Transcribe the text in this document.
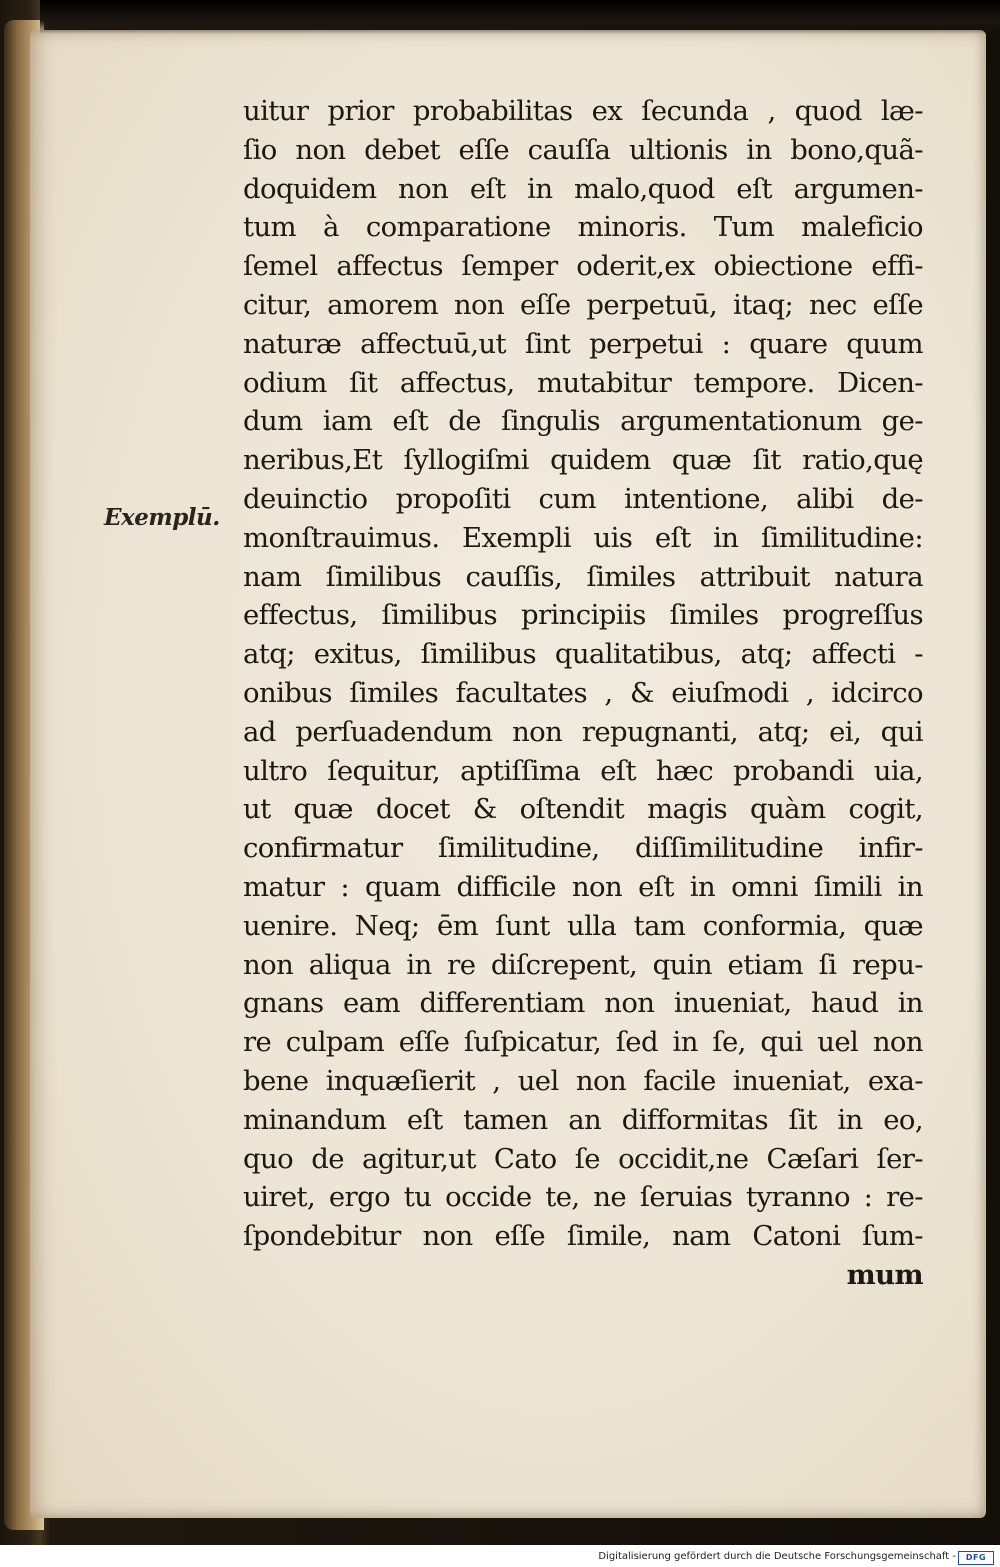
Exemplū.
uitur prior probabilitas ex ſecunda , quod læ-
ſio non debet eſſe cauſſa ultionis in bono,quã-
doquidem non eſt in malo,quod eſt argumen-
tum à comparatione minoris. Tum maleficio
ſemel affectus ſemper oderit,ex obiectione effi-
citur, amorem non eſſe perpetuū, itaq; nec eſſe
naturæ affectuū,ut ſint perpetui : quare quum
odium ſit affectus, mutabitur tempore. Dicen-
dum iam eſt de ſingulis argumentationum ge-
neribus,Et ſyllogiſmi quidem quæ ſit ratio,quę
deuinctio propoſiti cum intentione, alibi de-
monſtrauimus. Exempli uis eſt in ſimilitudine:
nam ſimilibus cauſſis, ſimiles attribuit natura
effectus, ſimilibus principiis ſimiles progreſſus
atq; exitus, ſimilibus qualitatibus, atq; affecti -
onibus ſimiles facultates , & eiuſmodi , idcirco
ad perſuadendum non repugnanti, atq; ei, qui
ultro ſequitur, aptiſſima eſt hæc probandi uia,
ut quæ docet & oſtendit magis quàm cogit,
confirmatur ſimilitudine, diſſimilitudine infir-
matur : quam difficile non eſt in omni ſimili in
uenire. Neq; ēm ſunt ulla tam conformia, quæ
non aliqua in re diſcrepent, quin etiam ſi repu-
gnans eam differentiam non inueniat, haud in
re culpam eſſe ſuſpicatur, ſed in ſe, qui uel non
bene inquæſierit , uel non facile inueniat, exa-
minandum eſt tamen an difformitas ſit in eo,
quo de agitur,ut Cato ſe occidit,ne Cæſari ſer-
uiret, ergo tu occide te, ne ſeruias tyranno : re-
ſpondebitur non eſſe ſimile, nam Catoni ſum-
mum
Digitalisierung gefördert durch die Deutsche Forschungsgemeinschaft -	DFG
